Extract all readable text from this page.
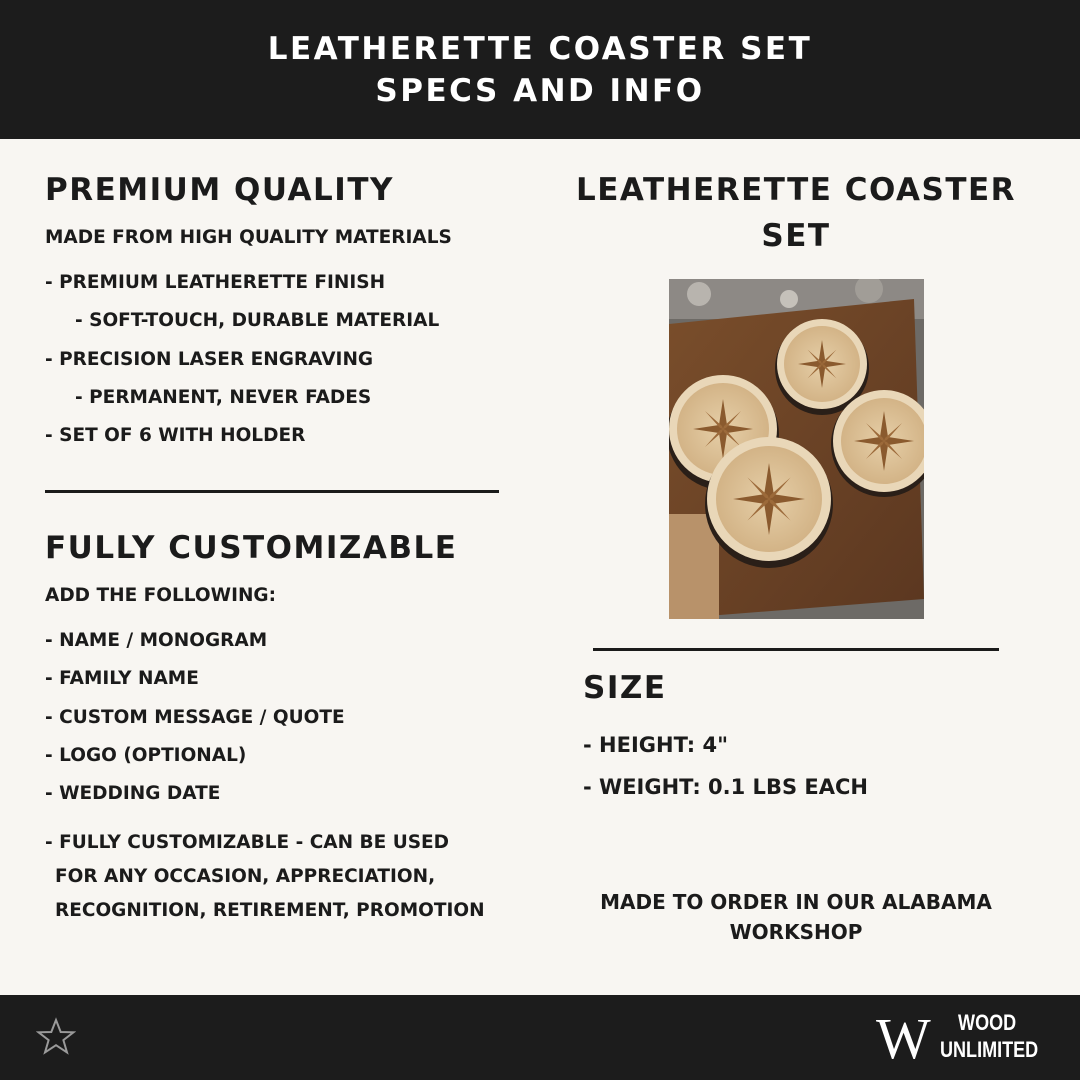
LEATHERETTE COASTER SET
SPECS AND INFO
PREMIUM QUALITY
MADE FROM HIGH QUALITY MATERIALS
- PREMIUM LEATHERETTE FINISH
- SOFT-TOUCH, DURABLE MATERIAL
- PRECISION LASER ENGRAVING
- PERMANENT, NEVER FADES
- SET OF 6 WITH HOLDER
FULLY CUSTOMIZABLE
ADD THE FOLLOWING:
- NAME / MONOGRAM
- FAMILY NAME
- CUSTOM MESSAGE / QUOTE
- LOGO (OPTIONAL)
- WEDDING DATE
- FULLY CUSTOMIZABLE - CAN BE USED
FOR ANY OCCASION, APPRECIATION,
RECOGNITION, RETIREMENT, PROMOTION
LEATHERETTE COASTER
SET
SIZE
- HEIGHT: 4"
- WEIGHT: 0.1 LBS EACH
MADE TO ORDER IN OUR ALABAMA
WORKSHOP
W	WOOD
UNLIMITED
